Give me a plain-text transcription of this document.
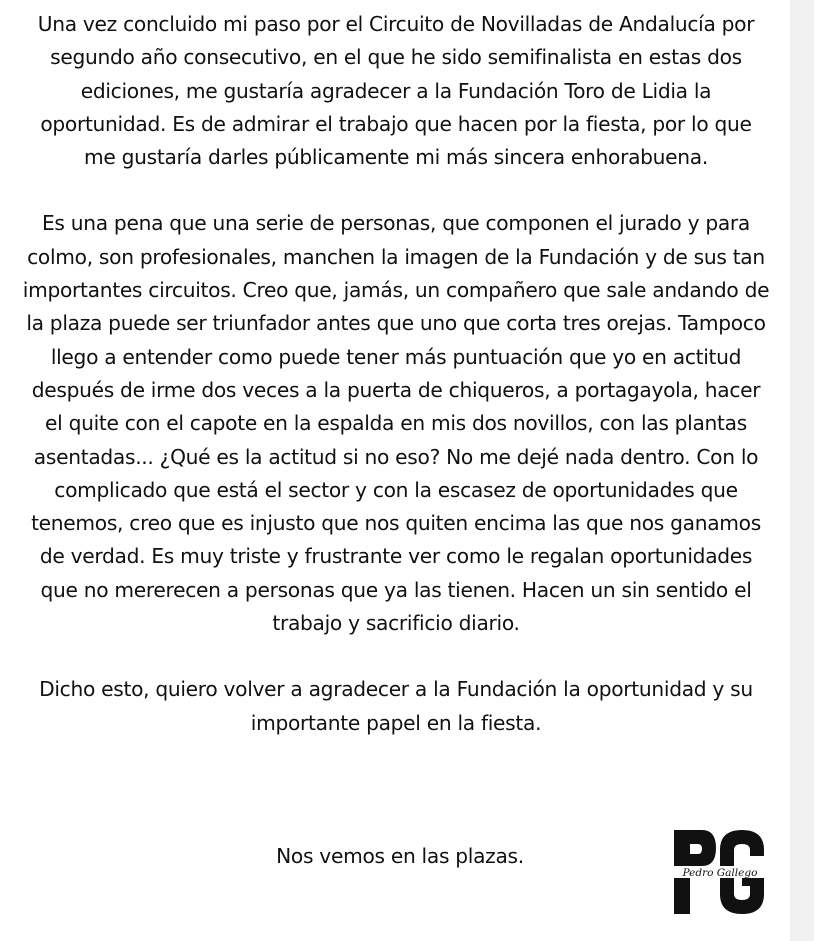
Una vez concluido mi paso por el Circuito de Novilladas de Andalucía por segundo año consecutivo, en el que he sido semifinalista en estas dos ediciones, me gustaría agradecer a la Fundación Toro de Lidia la oportunidad. Es de admirar el trabajo que hacen por la fiesta, por lo que me gustaría darles públicamente mi más sincera enhorabuena.

Es una pena que una serie de personas, que componen el jurado y para colmo, son profesionales, manchen la imagen de la Fundación y de sus tan importantes circuitos. Creo que, jamás, un compañero que sale andando de la plaza puede ser triunfador antes que uno que corta tres orejas. Tampoco llego a entender como puede tener más puntuación que yo en actitud después de irme dos veces a la puerta de chiqueros, a portagayola, hacer el quite con el capote en la espalda en mis dos novillos, con las plantas asentadas... ¿Qué es la actitud si no eso? No me dejé nada dentro. Con lo complicado que está el sector y con la escasez de oportunidades que tenemos, creo que es injusto que nos quiten encima las que nos ganamos de verdad. Es muy triste y frustrante ver como le regalan oportunidades que no mererecen a personas que ya las tienen. Hacen un sin sentido el trabajo y sacrificio diario.

Dicho esto, quiero volver a agradecer a la Fundación la oportunidad y su importante papel en la fiesta.

Nos vemos en las plazas.
Pedro Gallego
